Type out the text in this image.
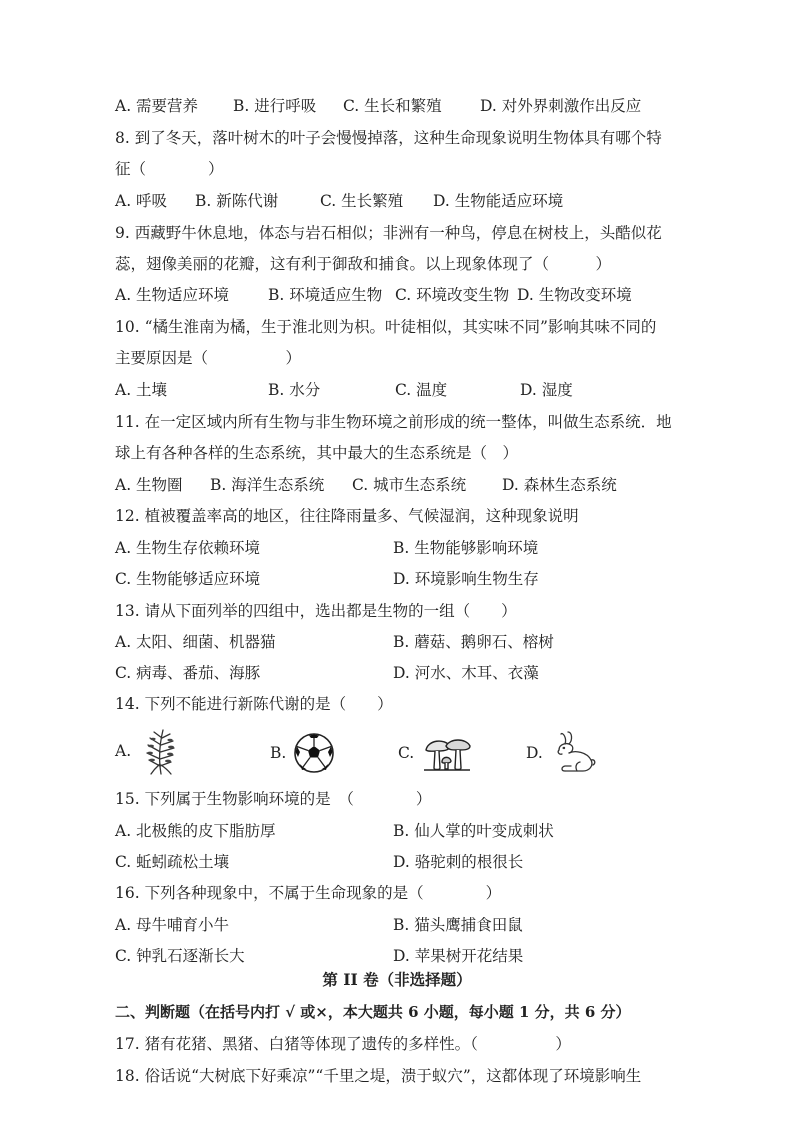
A. 需要营养 B. 进行呼吸 C. 生长和繁殖 D. 对外界刺激作出反应
8. 到了冬天，落叶树木的叶子会慢慢掉落，这种生命现象说明生物体具有哪个特
征（　　　　）
A. 呼吸 B. 新陈代谢	C. 生长繁殖 D. 生物能适应环境
9. 西藏野牛休息地，体态与岩石相似；非洲有一种鸟，停息在树枝上，头酷似花
蕊，翅像美丽的花瓣，这有利于御敌和捕食。以上现象体现了（　　　）
A. 生物适应环境	B. 环境适应生物 C. 环境改变生物 D. 生物改变环境
10. “橘生淮南为橘，生于淮北则为枳。叶徒相似，其实味不同”影响其味不同的
主要原因是（　　　　　）
A. 土壤	B. 水分	C. 温度	D. 湿度
11. 在一定区域内所有生物与非生物环境之前形成的统一整体，叫做生态系统．地
球上有各种各样的生态系统，其中最大的生态系统是（　）
A. 生物圈 B. 海洋生态系统 C. 城市生态系统 D. 森林生态系统
12. 植被覆盖率高的地区，往往降雨量多、气候湿润，这种现象说明
A. 生物生存依赖环境	B. 生物能够影响环境
C. 生物能够适应环境	D. 环境影响生物生存
13. 请从下面列举的四组中，选出都是生物的一组（　　）
A. 太阳、细菌、机器猫	B. 蘑菇、鹅卵石、榕树
C. 病毒、番茄、海豚	D. 河水、木耳、衣藻
14. 下列不能进行新陈代谢的是（　　）
A.	B.	C.	D.
15. 下列属于生物影响环境的是　（　　　　）
A. 北极熊的皮下脂肪厚	B. 仙人掌的叶变成刺状
C. 蚯蚓疏松土壤	D. 骆驼刺的根很长
16. 下列各种现象中，不属于生命现象的是（　　　　）
A. 母牛哺育小牛	B. 猫头鹰捕食田鼠
C. 钟乳石逐渐长大	D. 苹果树开花结果
第 II 卷（非选择题）
二、判断题（在括号内打 √ 或×，本大题共 6 小题，每小题 1 分，共 6 分）
17. 猪有花猪、黑猪、白猪等体现了遗传的多样性。（　　　　　）
18. 俗话说“大树底下好乘凉”“千里之堤，溃于蚁穴”，这都体现了环境影响生
